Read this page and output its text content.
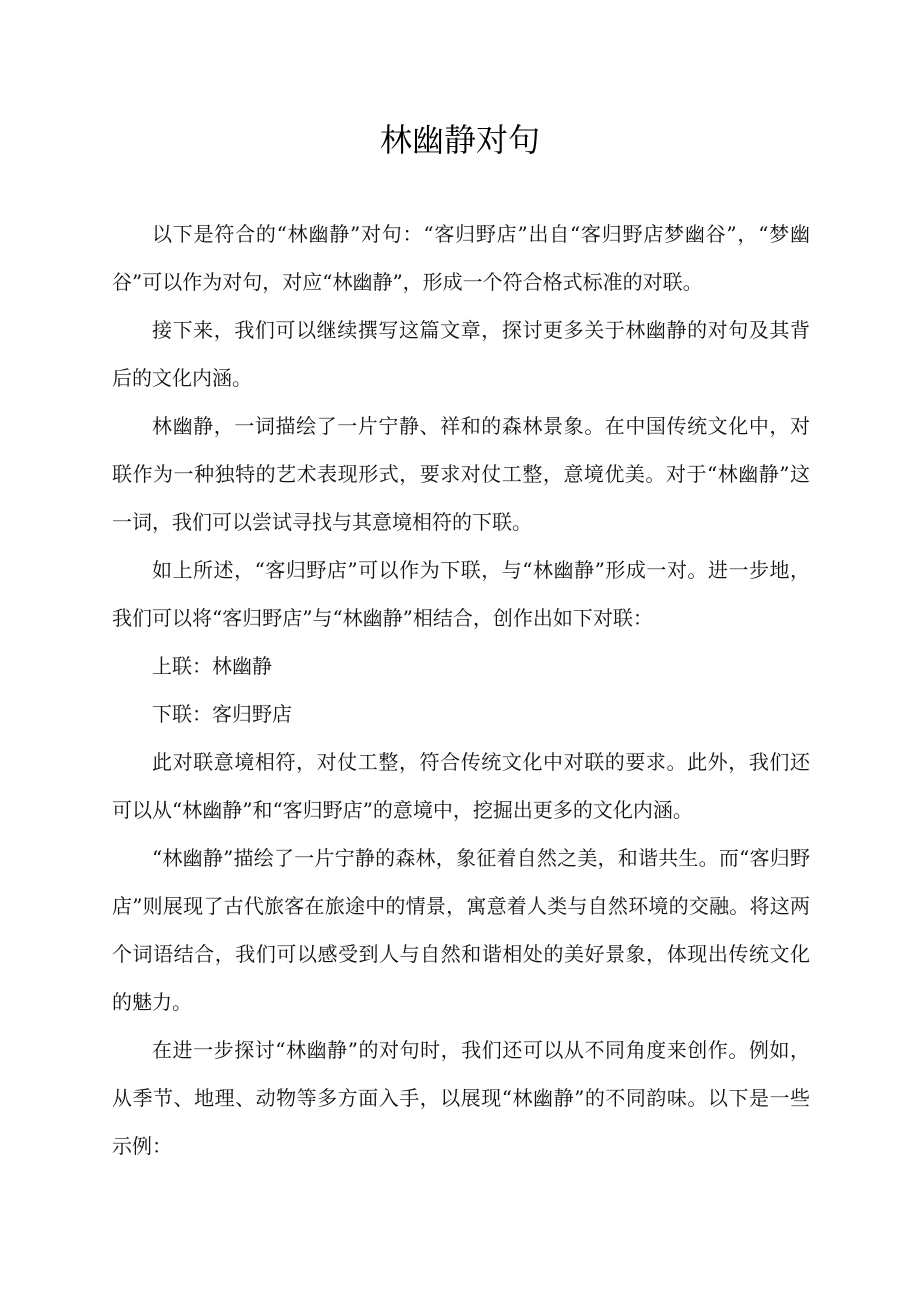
林幽静对句

以下是符合的“林幽静”对句：“客归野店”出自“客归野店梦幽谷”，“梦幽谷”可以作为对句，对应“林幽静”，形成一个符合格式标准的对联。

接下来，我们可以继续撰写这篇文章，探讨更多关于林幽静的对句及其背后的文化内涵。

林幽静，一词描绘了一片宁静、祥和的森林景象。在中国传统文化中，对联作为一种独特的艺术表现形式，要求对仗工整，意境优美。对于“林幽静”这一词，我们可以尝试寻找与其意境相符的下联。

如上所述，“客归野店”可以作为下联，与“林幽静”形成一对。进一步地，我们可以将“客归野店”与“林幽静”相结合，创作出如下对联：

上联：林幽静

下联：客归野店

此对联意境相符，对仗工整，符合传统文化中对联的要求。此外，我们还可以从“林幽静”和“客归野店”的意境中，挖掘出更多的文化内涵。

“林幽静”描绘了一片宁静的森林，象征着自然之美，和谐共生。而“客归野店”则展现了古代旅客在旅途中的情景，寓意着人类与自然环境的交融。将这两个词语结合，我们可以感受到人与自然和谐相处的美好景象，体现出传统文化的魅力。

在进一步探讨“林幽静”的对句时，我们还可以从不同角度来创作。例如，从季节、地理、动物等多方面入手，以展现“林幽静”的不同韵味。以下是一些示例：
